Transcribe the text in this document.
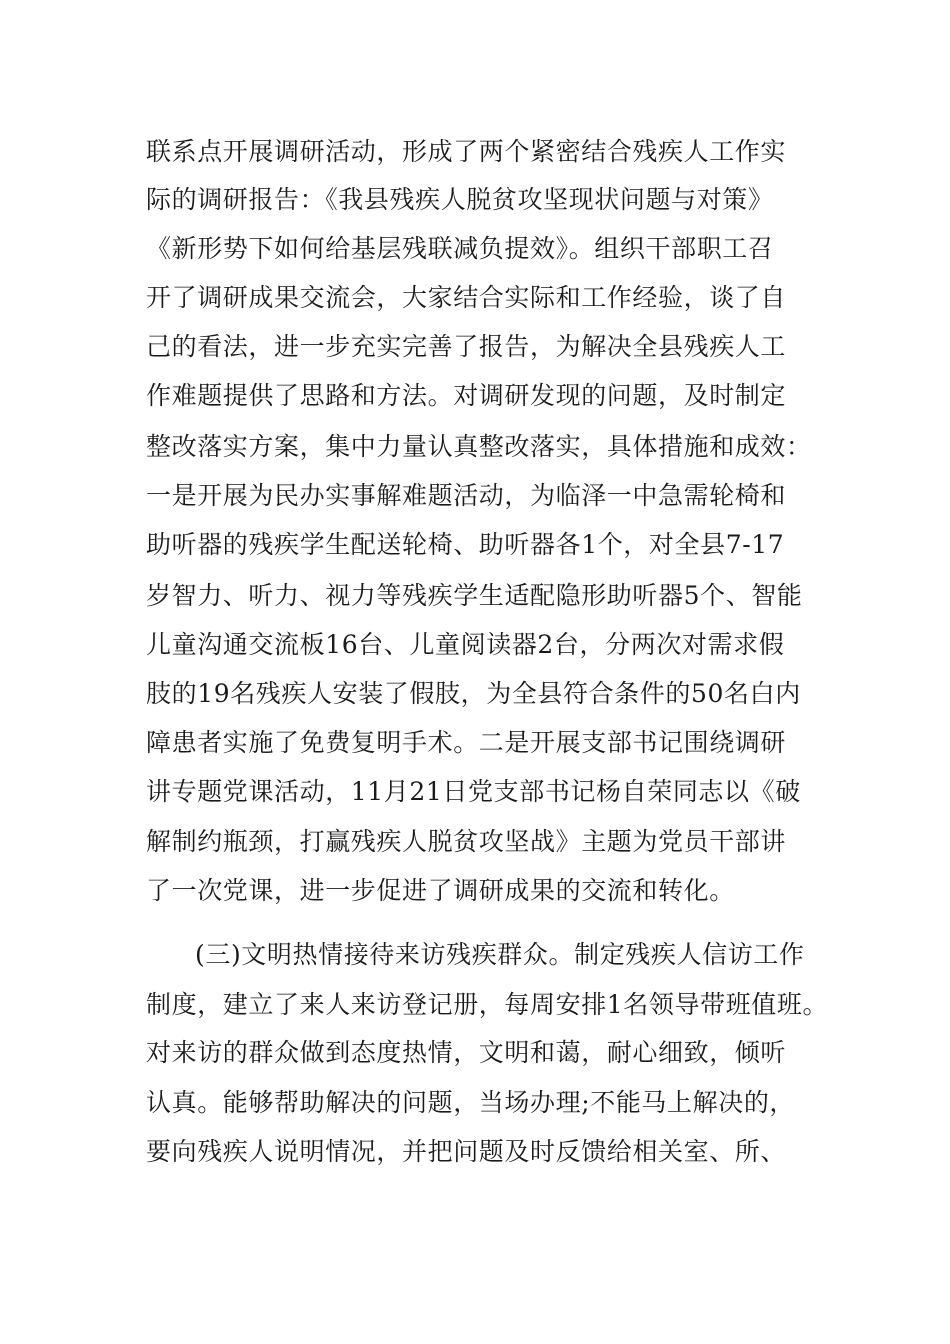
联系点开展调研活动，形成了两个紧密结合残疾人工作实
际的调研报告：《我县残疾人脱贫攻坚现状问题与对策》
《新形势下如何给基层残联减负提效》。组织干部职工召
开了调研成果交流会，大家结合实际和工作经验，谈了自
己的看法，进一步充实完善了报告，为解决全县残疾人工
作难题提供了思路和方法。对调研发现的问题，及时制定
整改落实方案，集中力量认真整改落实，具体措施和成效：
一是开展为民办实事解难题活动，为临泽一中急需轮椅和
助听器的残疾学生配送轮椅、助听器各1个，对全县7-17
岁智力、听力、视力等残疾学生适配隐形助听器5个、智能
儿童沟通交流板16台、儿童阅读器2台，分两次对需求假
肢的19名残疾人安装了假肢，为全县符合条件的50名白内
障患者实施了免费复明手术。二是开展支部书记围绕调研
讲专题党课活动，11月21日党支部书记杨自荣同志以《破
解制约瓶颈，打赢残疾人脱贫攻坚战》主题为党员干部讲
了一次党课，进一步促进了调研成果的交流和转化。
(三)文明热情接待来访残疾群众。制定残疾人信访工作
制度，建立了来人来访登记册，每周安排1名领导带班值班。
对来访的群众做到态度热情，文明和蔼，耐心细致，倾听
认真。能够帮助解决的问题，当场办理;不能马上解决的，
要向残疾人说明情况，并把问题及时反馈给相关室、所、
